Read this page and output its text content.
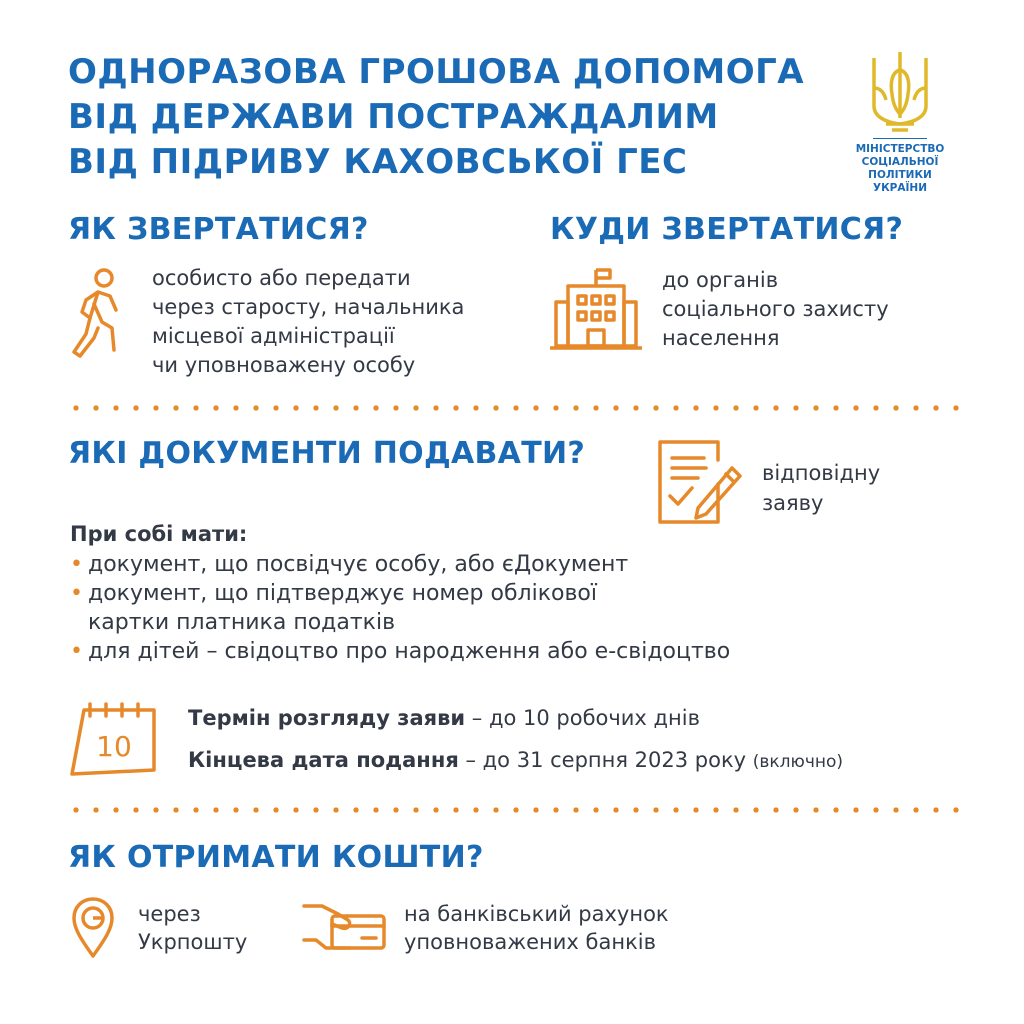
ОДНОРАЗОВА ГРОШОВА ДОПОМОГА
ВІД ДЕРЖАВИ ПОСТРАЖДАЛИМ
ВІД ПІДРИВУ КАХОВСЬКОЇ ГЕС	МІНІСТЕРСТВО
СОЦІАЛЬНОЇ ПОЛІТИКИ
УКРАЇНИ
ЯК ЗВЕРТАТИСЯ?
особисто або передати
через старосту, начальника
місцевої адміністрації
чи уповноважену особу
КУДИ ЗВЕРТАТИСЯ?
до органів
соціального захисту
населення
ЯКІ ДОКУМЕНТИ ПОДАВАТИ?
відповідну
заяву
При собі мати:
• документ, що посвідчує особу, або єДокумент
• документ, що підтверджує номер облікової
картки платника податків
• для дітей – свідоцтво про народження або е-свідоцтво
10
Термін розгляду заяви – до 10 робочих днів
Кінцева дата подання – до 31 серпня 2023 року (включно)
ЯК ОТРИМАТИ КОШТИ?
через
Укрпошту
на банківський рахунок
уповноважених банків
